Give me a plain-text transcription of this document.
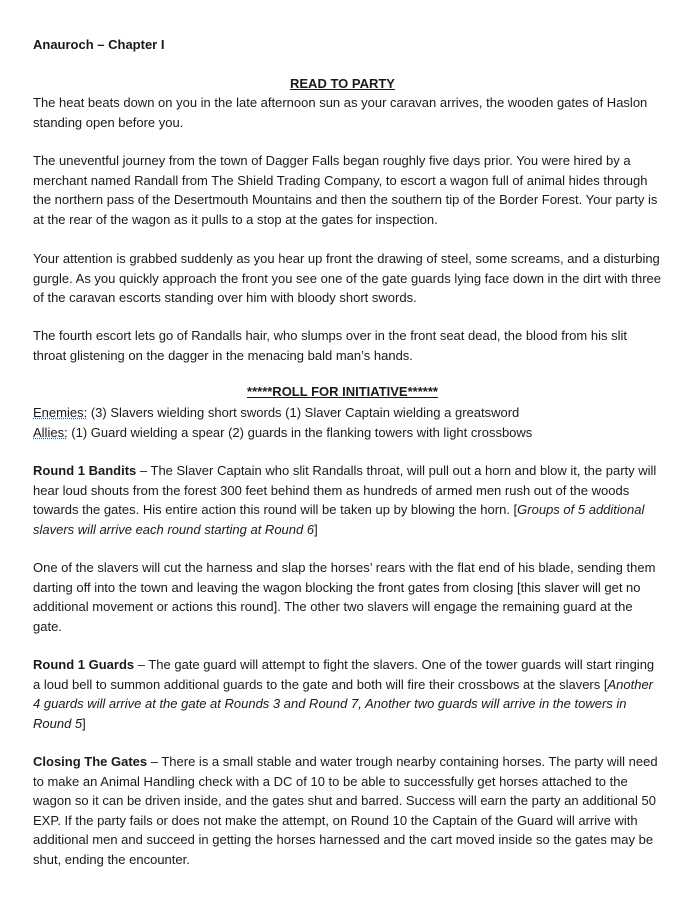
Anauroch – Chapter I
READ TO PARTY
The heat beats down on you in the late afternoon sun as your caravan arrives, the wooden gates of Haslon standing open before you.
The uneventful journey from the town of Dagger Falls began roughly five days prior. You were hired by a merchant named Randall from The Shield Trading Company, to escort a wagon full of animal hides through the northern pass of the Desertmouth Mountains and then the southern tip of the Border Forest. Your party is at the rear of the wagon as it pulls to a stop at the gates for inspection.
Your attention is grabbed suddenly as you hear up front the drawing of steel, some screams, and a disturbing gurgle. As you quickly approach the front you see one of the gate guards lying face down in the dirt with three of the caravan escorts standing over him with bloody short swords.
The fourth escort lets go of Randalls hair, who slumps over in the front seat dead, the blood from his slit throat glistening on the dagger in the menacing bald man’s hands.
*****ROLL FOR INITIATIVE******
Enemies: (3) Slavers wielding short swords (1) Slaver Captain wielding a greatsword
Allies: (1) Guard wielding a spear (2) guards in the flanking towers with light crossbows
Round 1 Bandits – The Slaver Captain who slit Randalls throat, will pull out a horn and blow it, the party will hear loud shouts from the forest 300 feet behind them as hundreds of armed men rush out of the woods towards the gates. His entire action this round will be taken up by blowing the horn. [Groups of 5 additional slavers will arrive each round starting at Round 6]
One of the slavers will cut the harness and slap the horses’ rears with the flat end of his blade, sending them darting off into the town and leaving the wagon blocking the front gates from closing [this slaver will get no additional movement or actions this round]. The other two slavers will engage the remaining guard at the gate.
Round 1 Guards – The gate guard will attempt to fight the slavers. One of the tower guards will start ringing a loud bell to summon additional guards to the gate and both will fire their crossbows at the slavers [Another 4 guards will arrive at the gate at Rounds 3 and Round 7, Another two guards will arrive in the towers in Round 5]
Closing The Gates – There is a small stable and water trough nearby containing horses. The party will need to make an Animal Handling check with a DC of 10 to be able to successfully get horses attached to the wagon so it can be driven inside, and the gates shut and barred. Success will earn the party an additional 50 EXP. If the party fails or does not make the attempt, on Round 10 the Captain of the Guard will arrive with additional men and succeed in getting the horses harnessed and the cart moved inside so the gates may be shut, ending the encounter.
